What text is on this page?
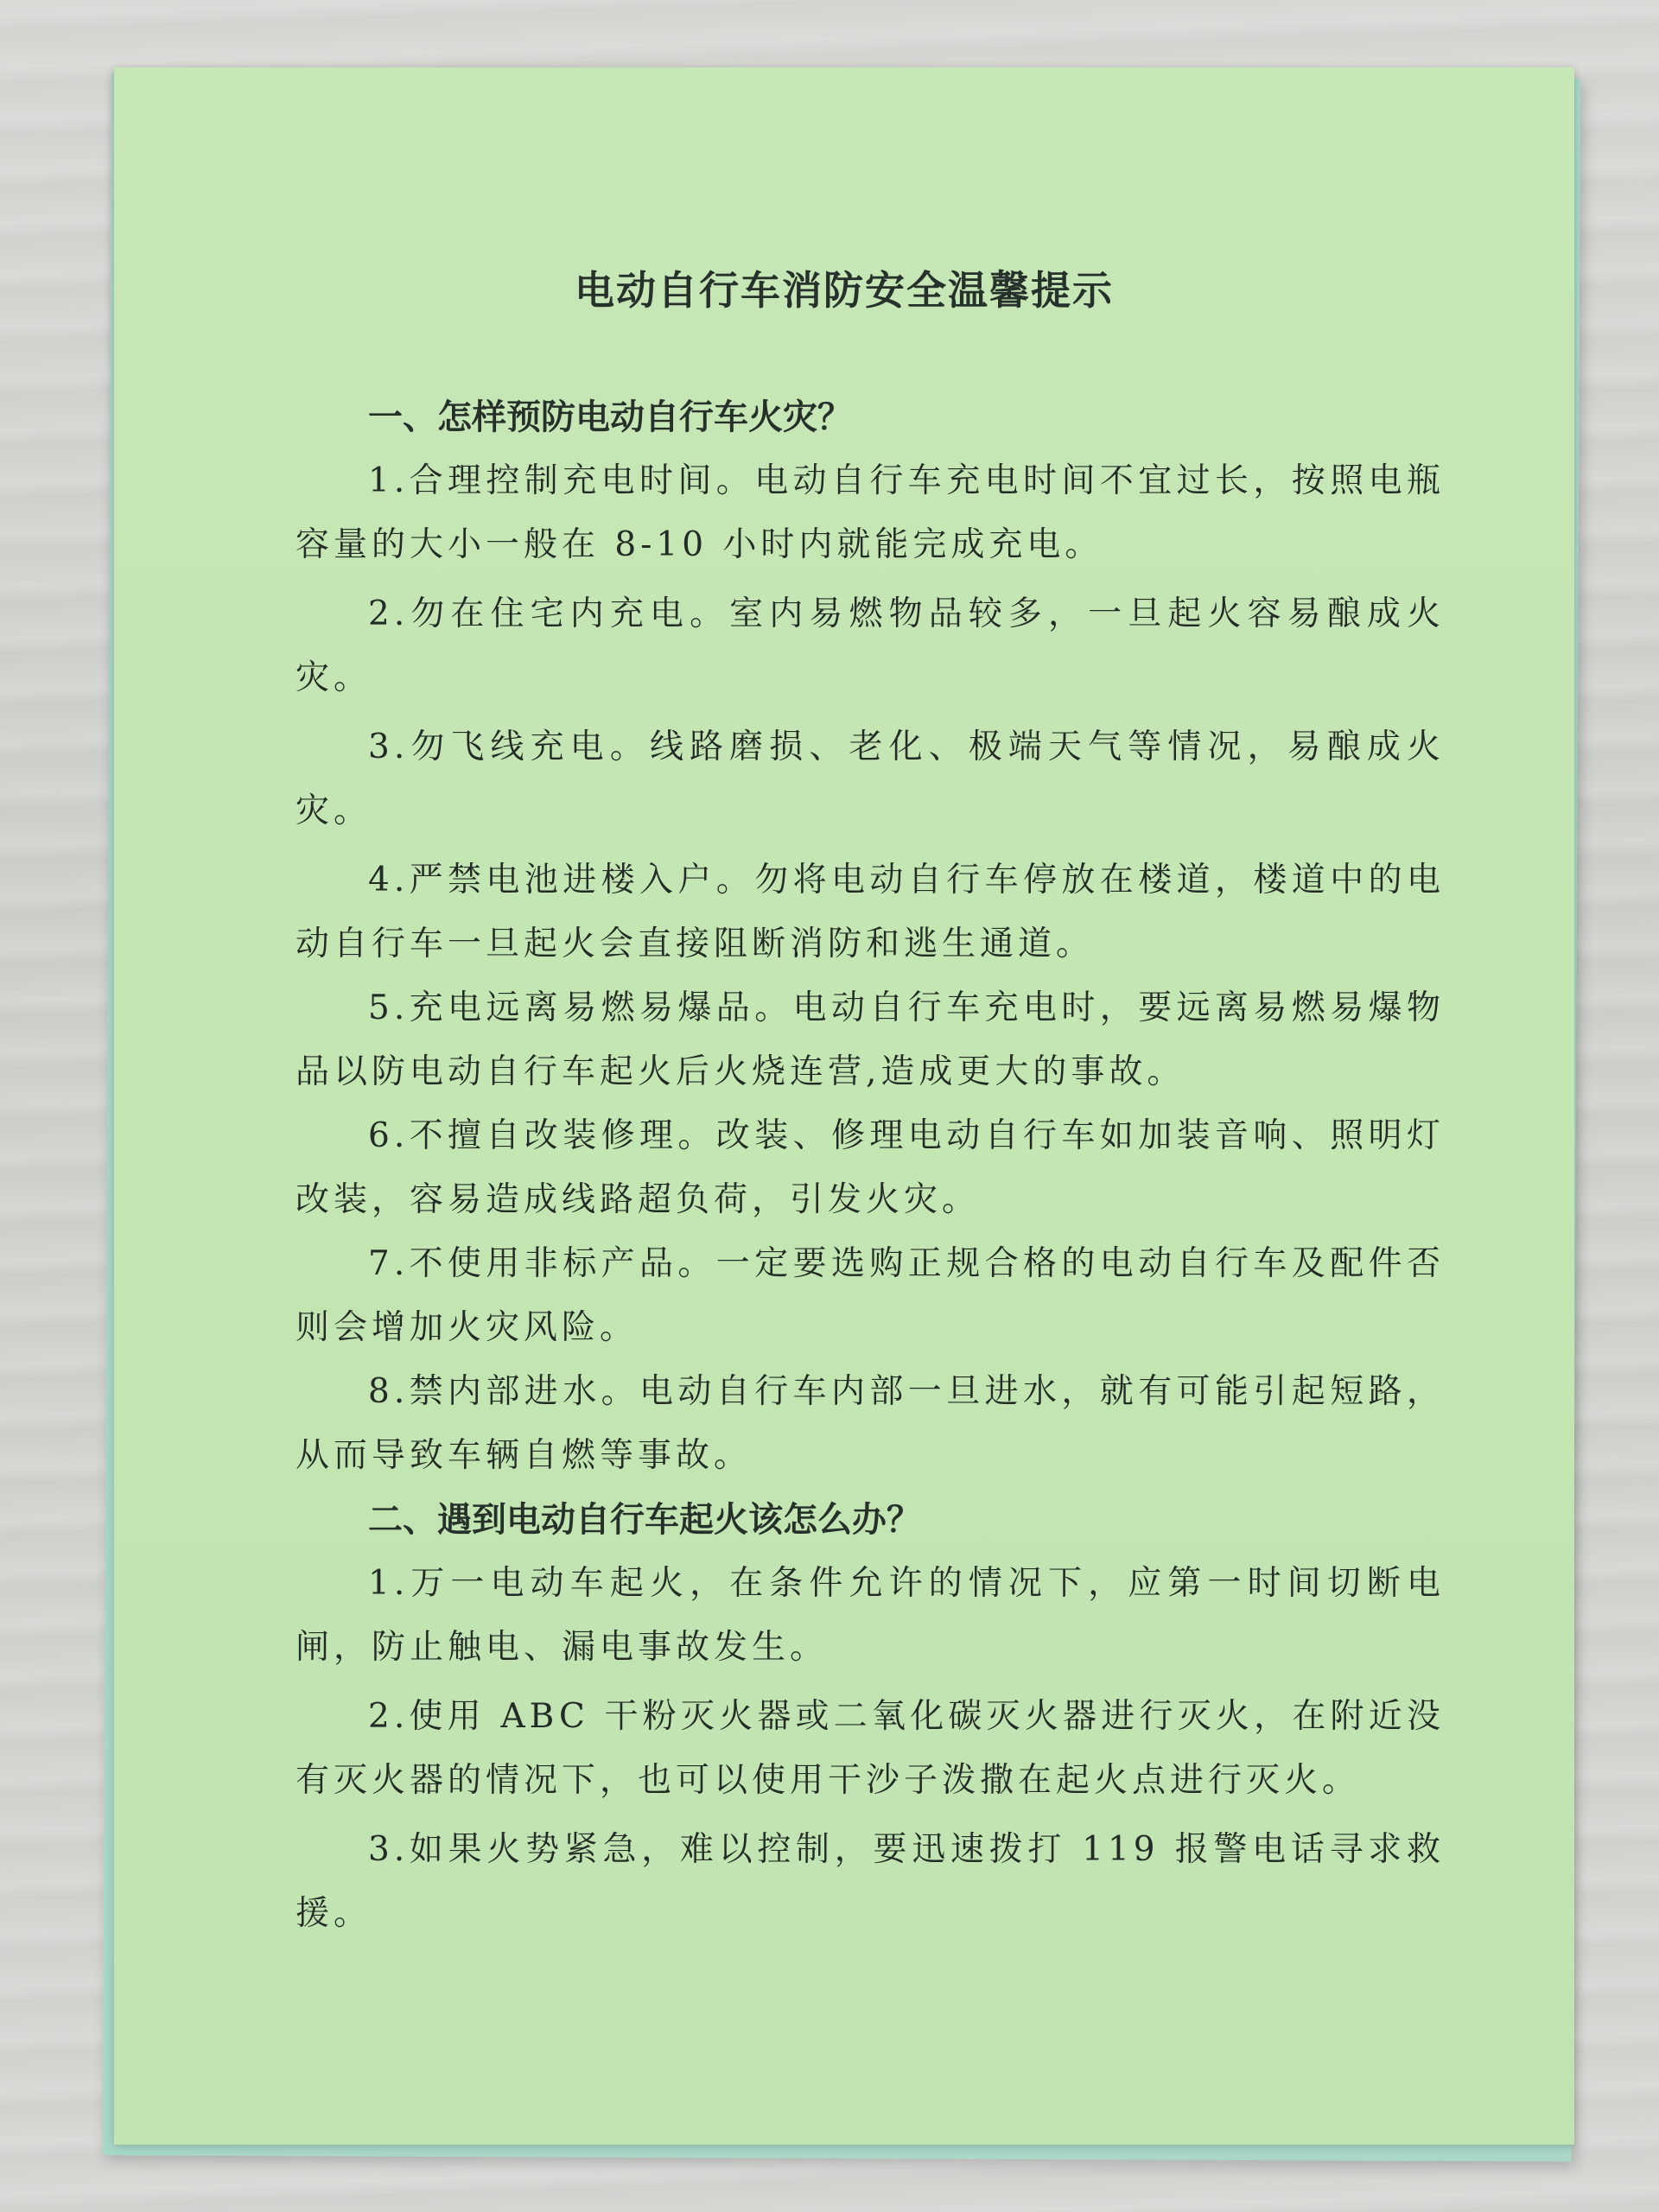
电动自行车消防安全温馨提示

一、怎样预防电动自行车火灾？

1.合理控制充电时间。电动自行车充电时间不宜过长，按照电瓶容量的大小一般在 8-10 小时内就能完成充电。

2.勿在住宅内充电。室内易燃物品较多，一旦起火容易酿成火灾。

3.勿飞线充电。线路磨损、老化、极端天气等情况，易酿成火灾。

4.严禁电池进楼入户。勿将电动自行车停放在楼道，楼道中的电动自行车一旦起火会直接阻断消防和逃生通道。

5.充电远离易燃易爆品。电动自行车充电时，要远离易燃易爆物品以防电动自行车起火后火烧连营,造成更大的事故。

6.不擅自改装修理。改装、修理电动自行车如加装音响、照明灯改装，容易造成线路超负荷，引发火灾。

7.不使用非标产品。一定要选购正规合格的电动自行车及配件否则会增加火灾风险。

8.禁内部进水。电动自行车内部一旦进水，就有可能引起短路，从而导致车辆自燃等事故。

二、遇到电动自行车起火该怎么办？

1.万一电动车起火，在条件允许的情况下，应第一时间切断电闸，防止触电、漏电事故发生。

2.使用 ABC 干粉灭火器或二氧化碳灭火器进行灭火，在附近没有灭火器的情况下，也可以使用干沙子泼撒在起火点进行灭火。

3.如果火势紧急，难以控制，要迅速拨打 119 报警电话寻求救援。
